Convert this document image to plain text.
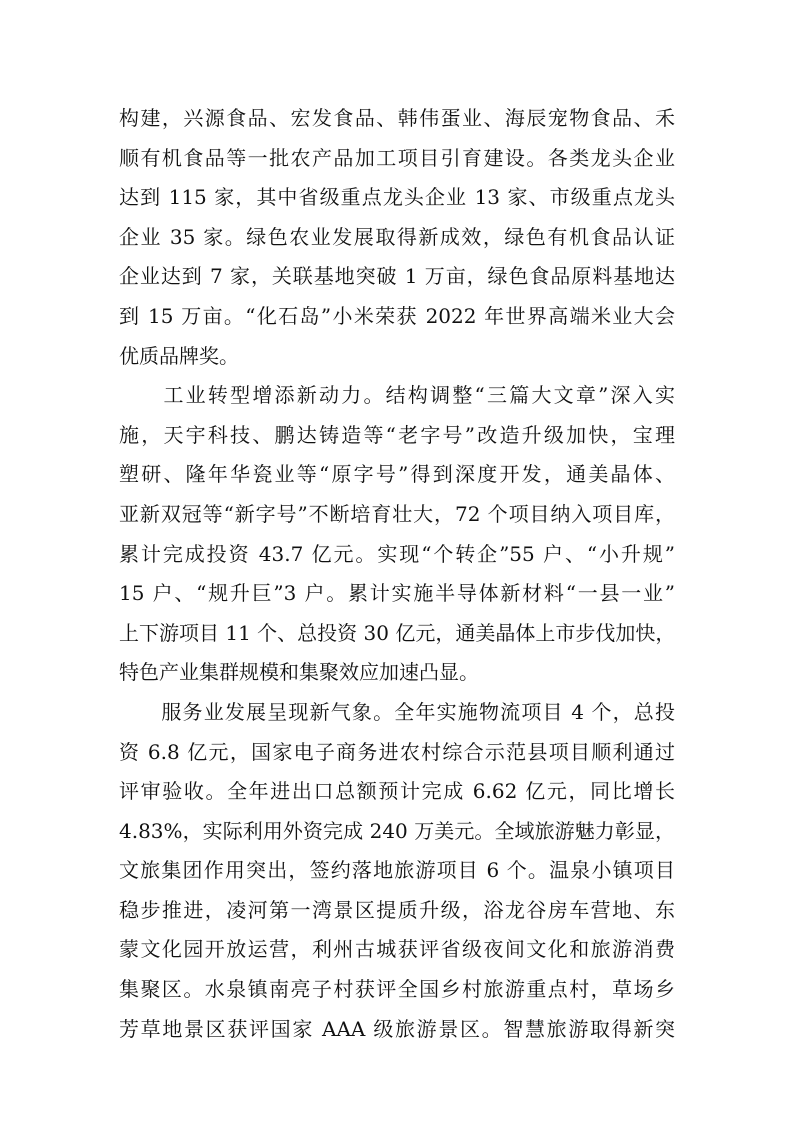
构建，兴源食品、宏发食品、韩伟蛋业、海辰宠物食品、禾
顺有机食品等一批农产品加工项目引育建设。各类龙头企业
达到 115 家，其中省级重点龙头企业 13 家、市级重点龙头
企业 35 家。绿色农业发展取得新成效，绿色有机食品认证
企业达到 7 家，关联基地突破 1 万亩，绿色食品原料基地达
到 15 万亩。“化石岛”小米荣获 2022 年世界高端米业大会
优质品牌奖。
　　工业转型增添新动力。结构调整“三篇大文章”深入实
施，天宇科技、鹏达铸造等“老字号”改造升级加快，宝理
塑研、隆年华瓷业等“原字号”得到深度开发，通美晶体、
亚新双冠等“新字号”不断培育壮大，72 个项目纳入项目库，
累计完成投资 43.7 亿元。实现“个转企”55 户、“小升规”
15 户、“规升巨”3 户。累计实施半导体新材料“一县一业”
上下游项目 11 个、总投资 30 亿元，通美晶体上市步伐加快，
特色产业集群规模和集聚效应加速凸显。
　　服务业发展呈现新气象。全年实施物流项目 4 个，总投
资 6.8 亿元，国家电子商务进农村综合示范县项目顺利通过
评审验收。全年进出口总额预计完成 6.62 亿元，同比增长
4.83%，实际利用外资完成 240 万美元。全域旅游魅力彰显，
文旅集团作用突出，签约落地旅游项目 6 个。温泉小镇项目
稳步推进，凌河第一湾景区提质升级，浴龙谷房车营地、东
蒙文化园开放运营，利州古城获评省级夜间文化和旅游消费
集聚区。水泉镇南亮子村获评全国乡村旅游重点村，草场乡
芳草地景区获评国家 AAA 级旅游景区。智慧旅游取得新突
